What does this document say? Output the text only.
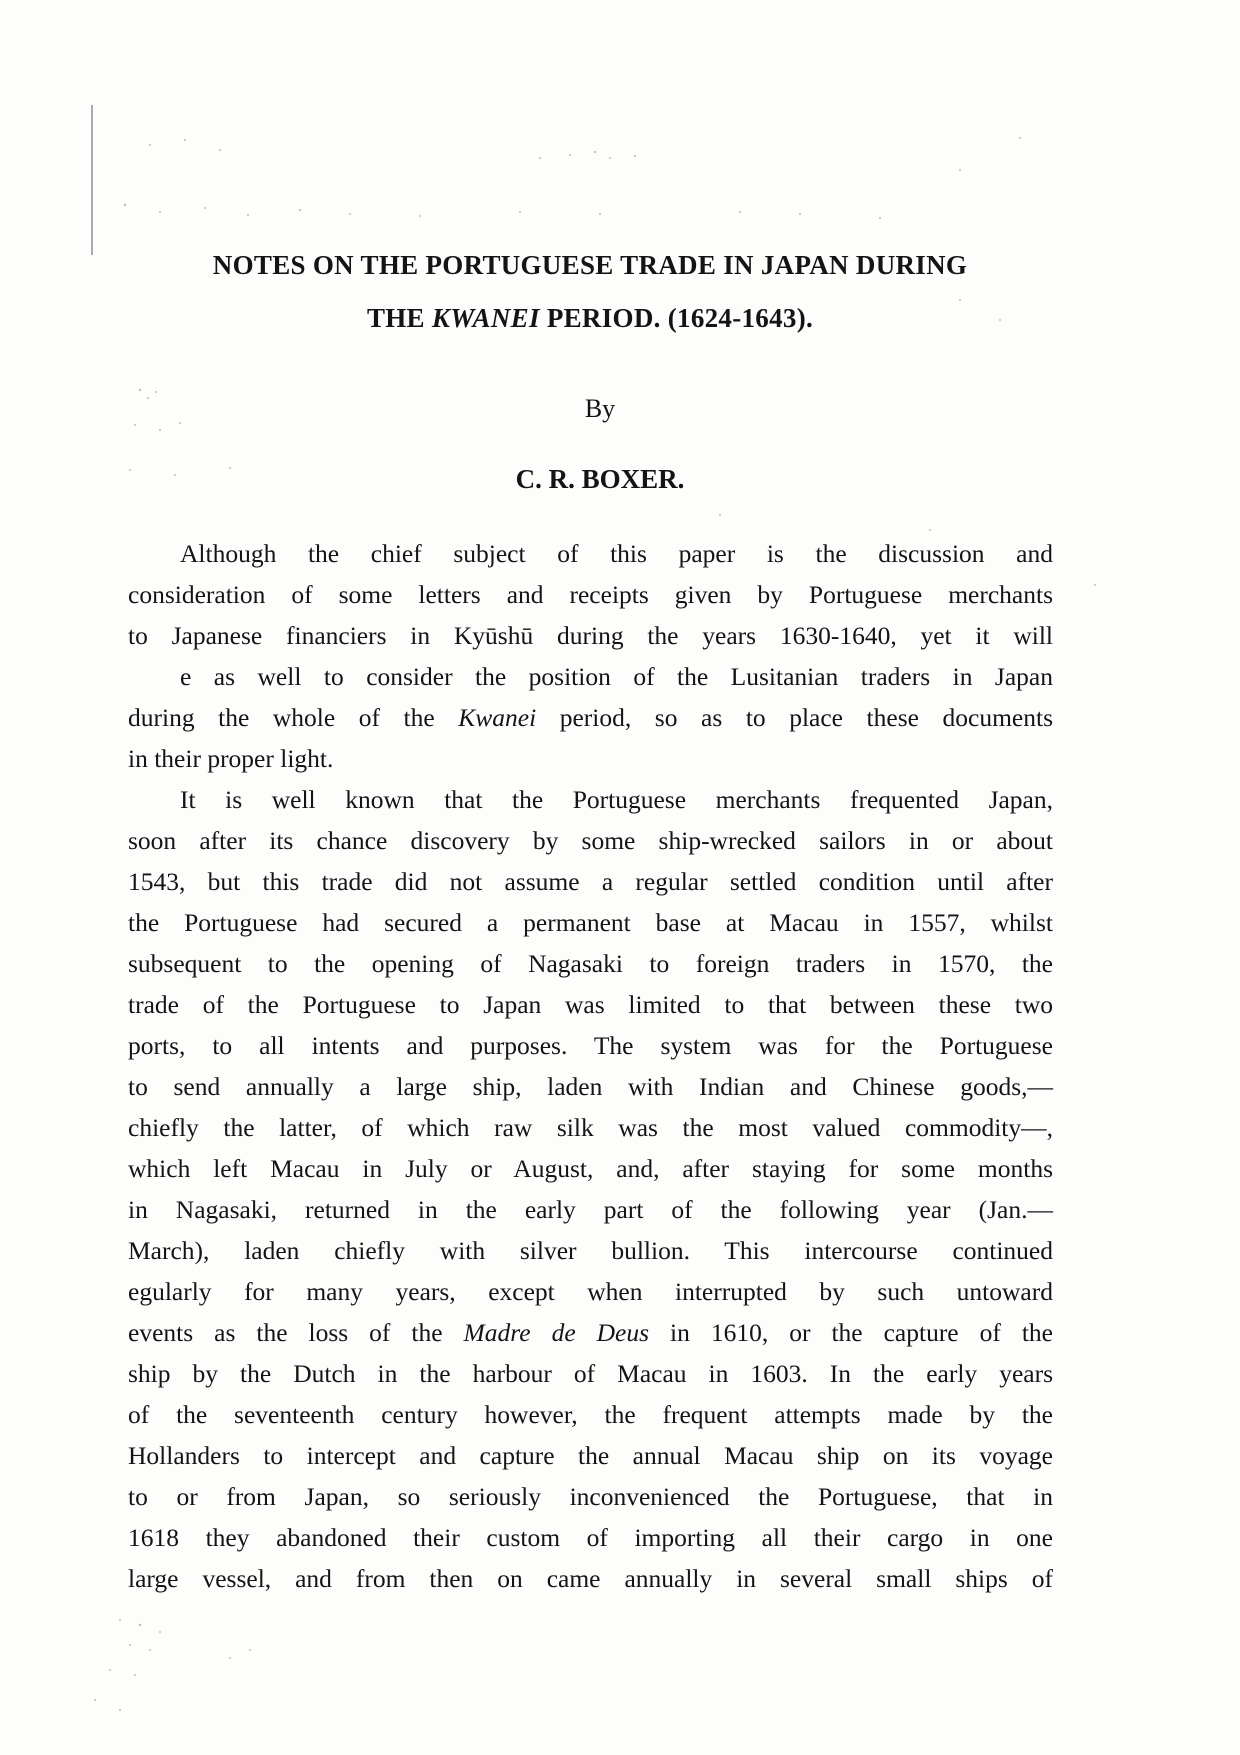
NOTES ON THE PORTUGUESE TRADE IN JAPAN DURING
THE KWANEI PERIOD. (1624-1643).
By
C. R. BOXER.
Although the chief subject of this paper is the discussion and
consideration of some letters and receipts given by Portuguese merchants
to Japanese financiers in Kyūshū during the years 1630-1640, yet it will
e as well to consider the position of the Lusitanian traders in Japan
during the whole of the Kwanei period, so as to place these documents
in their proper light.
It is well known that the Portuguese merchants frequented Japan,
soon after its chance discovery by some ship-wrecked sailors in or about
1543, but this trade did not assume a regular settled condition until after
the Portuguese had secured a permanent base at Macau in 1557, whilst
subsequent to the opening of Nagasaki to foreign traders in 1570, the
trade of the Portuguese to Japan was limited to that between these two
ports, to all intents and purposes. The system was for the Portuguese
to send annually a large ship, laden with Indian and Chinese goods,—
chiefly the latter, of which raw silk was the most valued commodity—,
which left Macau in July or August, and, after staying for some months
in Nagasaki, returned in the early part of the following year (Jan.—
March), laden chiefly with silver bullion. This intercourse continued
egularly for many years, except when interrupted by such untoward
events as the loss of the Madre de Deus in 1610, or the capture of the
ship by the Dutch in the harbour of Macau in 1603. In the early years
of the seventeenth century however, the frequent attempts made by the
Hollanders to intercept and capture the annual Macau ship on its voyage
to or from Japan, so seriously inconvenienced the Portuguese, that in
1618 they abandoned their custom of importing all their cargo in one
large vessel, and from then on came annually in several small ships of
